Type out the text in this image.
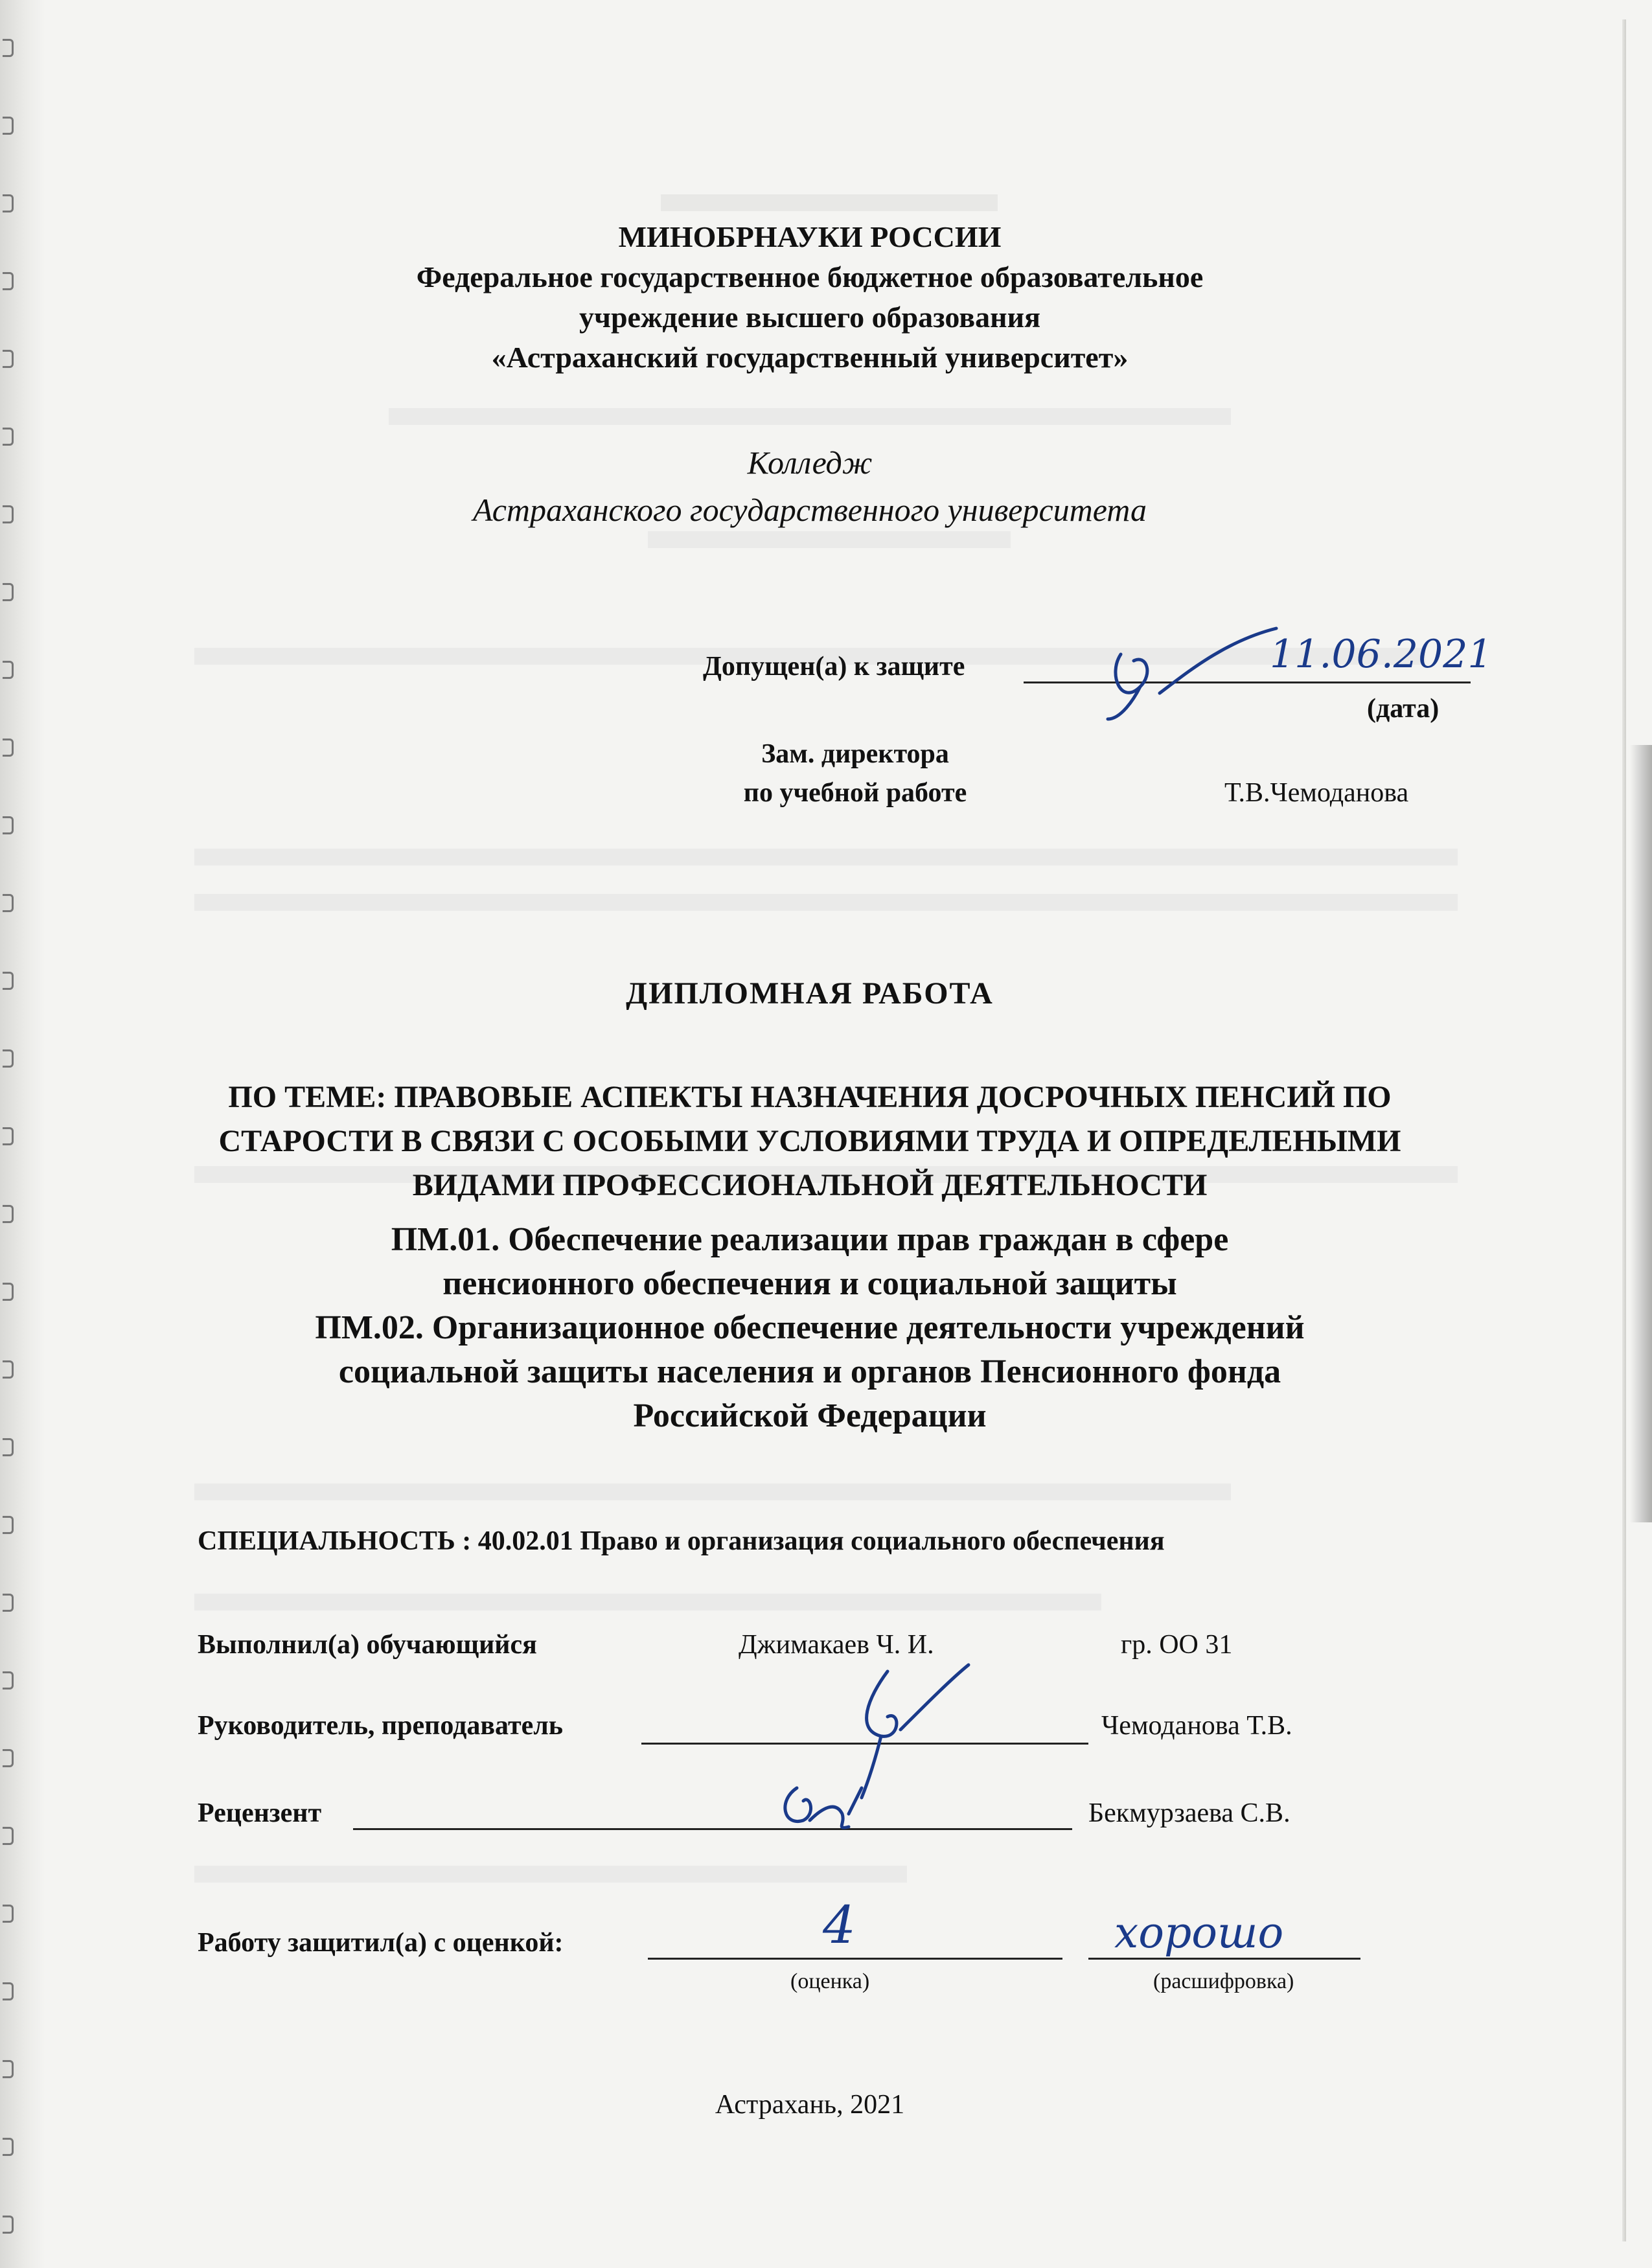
МИНОБРНАУКИ РОССИИ
Федеральное государственное бюджетное образовательное
учреждение высшего образования
«Астраханский государственный университет»
Колледж
Астраханского государственного университета
Допущен(а) к защите	11.06.2021
(дата)
Зам. директора
по учебной работе	Т.В.Чемоданова
ДИПЛОМНАЯ РАБОТА
ПО ТЕМЕ: ПРАВОВЫЕ АСПЕКТЫ НАЗНАЧЕНИЯ ДОСРОЧНЫХ ПЕНСИЙ ПО
СТАРОСТИ В СВЯЗИ С ОСОБЫМИ УСЛОВИЯМИ ТРУДА И ОПРЕДЕЛЕНЫМИ
ВИДАМИ ПРОФЕССИОНАЛЬНОЙ ДЕЯТЕЛЬНОСТИ
ПМ.01. Обеспечение реализации прав граждан в сфере
пенсионного обеспечения и социальной защиты
ПМ.02. Организационное обеспечение деятельности учреждений
социальной защиты населения и органов Пенсионного фонда
Российской Федерации
СПЕЦИАЛЬНОСТЬ : 40.02.01 Право и организация социального обеспечения
Выполнил(а) обучающийся	Джимакаев Ч. И.	гр. ОО 31
Руководитель, преподаватель	Чемоданова Т.В.
Рецензент	Бекмурзаева С.В.
Работу защитил(а) с оценкой:	4	хорошо
(оценка)	(расшифровка)
Астрахань, 2021
